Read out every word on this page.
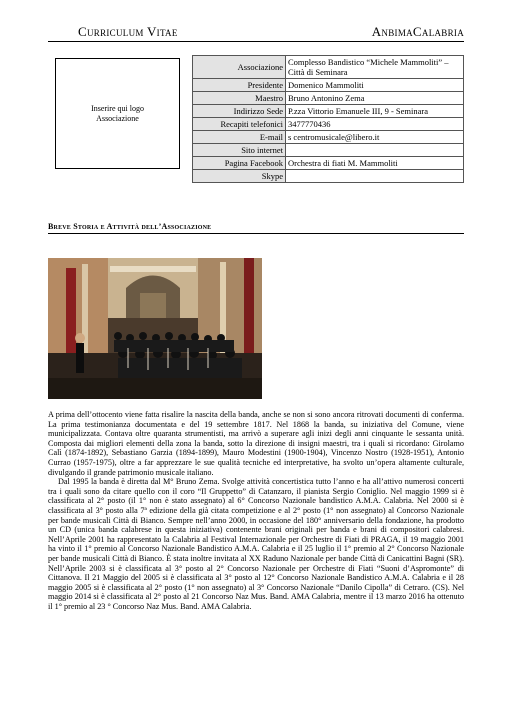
Curriculum Vitae	AnbimaCalabria
Inserire qui logo
Associazione
Associazione	Complesso Bandistico “Michele Mammoliti” – Città di Seminara
Presidente	Domenico Mammoliti
Maestro	Bruno Antonino Zema
Indirizzo Sede	P.zza Vittorio Emanuele III, 9 - Seminara
Recapiti telefonici	3477770436
E-mail	s centromusicale@libero.it
Sito internet	
Pagina Facebook	Orchestra di fiati M. Mammoliti
Skype	
Breve Storia e Attività dell’Associazione

A prima dell’ottocento viene fatta risalire la nascita della banda, anche se non si sono ancora ritrovati documenti di conferma. La prima testimonianza documentata e del 19 settembre 1817. Nel 1868 la banda, su iniziativa del Comune, viene municipalizzata. Contava oltre quaranta strumentisti, ma arrivò a superare agli inizi degli anni cinquante le sessanta unità. Composta dai migliori elementi della zona la banda, sotto la direzione di insigni maestri, tra i quali si ricordano: Girolamo Calì (1874-1892), Sebastiano Garzia (1894-1899), Mauro Modestini (1900-1904), Vincenzo Nostro (1928-1951), Antonio Currao (1957-1975), oltre a far apprezzare le sue qualità tecniche ed interpretative, ha svolto un’opera altamente culturale, divulgando il grande patrimonio musicale italiano.

Dal 1995 la banda è diretta dal M° Bruno Zema. Svolge attività concertistica tutto l’anno e ha all’attivo numerosi concerti tra i quali sono da citare quello con il coro “Il Gruppetto” di Catanzaro, il pianista Sergio Coniglio. Nel maggio 1999 si è classificata al 2° posto (il 1° non è stato assegnato) al 6° Concorso Nazionale bandistico A.M.A. Calabria. Nel 2000 si è classificata al 3° posto alla 7ª edizione della già citata competizione e al 2° posto (1° non assegnato) al Concorso Nazionale per bande musicali Città di Bianco. Sempre nell’anno 2000, in occasione del 180° anniversario della fondazione, ha prodotto un CD (unica banda calabrese in questa iniziativa) contenente brani originali per banda e brani di compositori calabresi. Nell’Aprile 2001 ha rappresentato la Calabria al Festival Internazionale per Orchestre di Fiati di PRAGA, il 19 maggio 2001 ha vinto il 1° premio al Concorso Nazionale Bandistico A.M.A. Calabria e il 25 luglio il 1° premio al 2° Concorso Nazionale per bande musicali Città di Bianco. È stata inoltre invitata al XX Raduno Nazionale per bande Città di Canicattini Bagni (SR). Nell’Aprile 2003 si è classificata al 3° posto al 2° Concorso Nazionale per Orchestre di Fiati “Suoni d’Aspromonte” di Cittanova. Il 21 Maggio del 2005 si è classificata al 3° posto al 12° Concorso Nazionale Bandistico A.M.A. Calabria e il 28 maggio 2005 si è classificata al 2° posto (1° non assegnato) al 3° Concorso Nazionale “Danilo Cipolla” di Cetraro. (CS). Nel maggio 2014 si è classificata al 2° posto al 21 Concorso Naz Mus. Band. AMA Calabria, mentre il 13 marzo 2016 ha ottenuto il 1° premio al 23 ° Concorso Naz Mus. Band. AMA Calabria.
